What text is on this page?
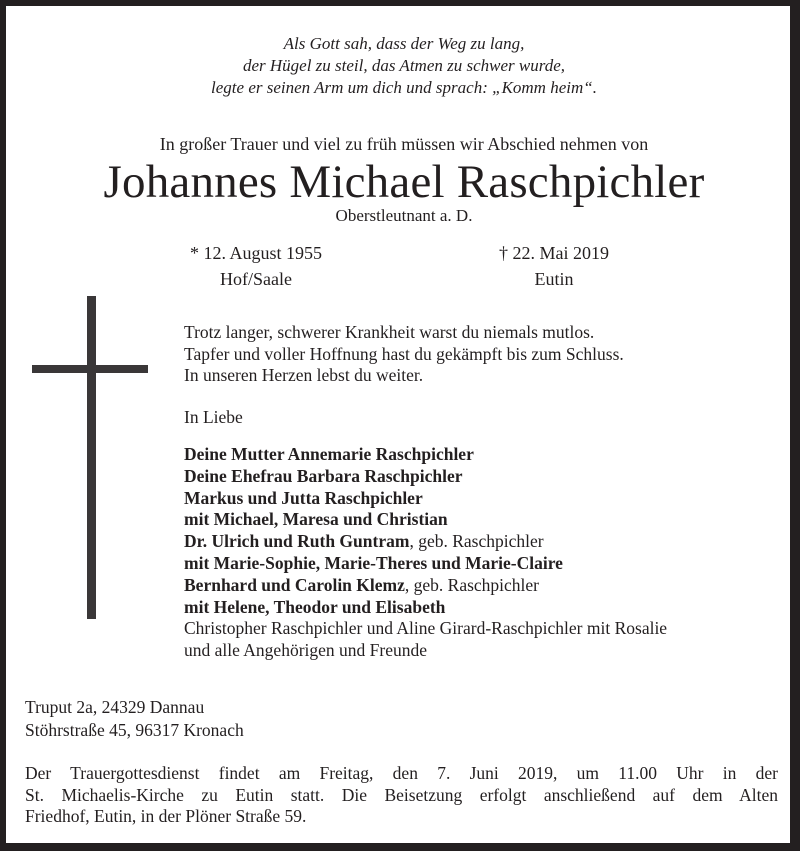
Als Gott sah, dass der Weg zu lang,
der Hügel zu steil, das Atmen zu schwer wurde,
legte er seinen Arm um dich und sprach: „Komm heim“.
In großer Trauer und viel zu früh müssen wir Abschied nehmen von
Johannes Michael Raschpichler
Oberstleutnant a. D.
* 12. August 1955
Hof/Saale
† 22. Mai 2019
Eutin
Trotz langer, schwerer Krankheit warst du niemals mutlos.
Tapfer und voller Hoffnung hast du gekämpft bis zum Schluss.
In unseren Herzen lebst du weiter.
In Liebe
Deine Mutter Annemarie Raschpichler
Deine Ehefrau Barbara Raschpichler
Markus und Jutta Raschpichler
mit Michael, Maresa und Christian
Dr. Ulrich und Ruth Guntram, geb. Raschpichler
mit Marie-Sophie, Marie-Theres und Marie-Claire
Bernhard und Carolin Klemz, geb. Raschpichler
mit Helene, Theodor und Elisabeth
Christopher Raschpichler und Aline Girard-Raschpichler mit Rosalie
und alle Angehörigen und Freunde
Truput 2a, 24329 Dannau
Stöhrstraße 45, 96317 Kronach
Der Trauergottesdienst findet am Freitag, den 7. Juni 2019, um 11.00 Uhr in der
St. Michaelis-Kirche zu Eutin statt. Die Beisetzung erfolgt anschließend auf dem Alten
Friedhof, Eutin, in der Plöner Straße 59.
